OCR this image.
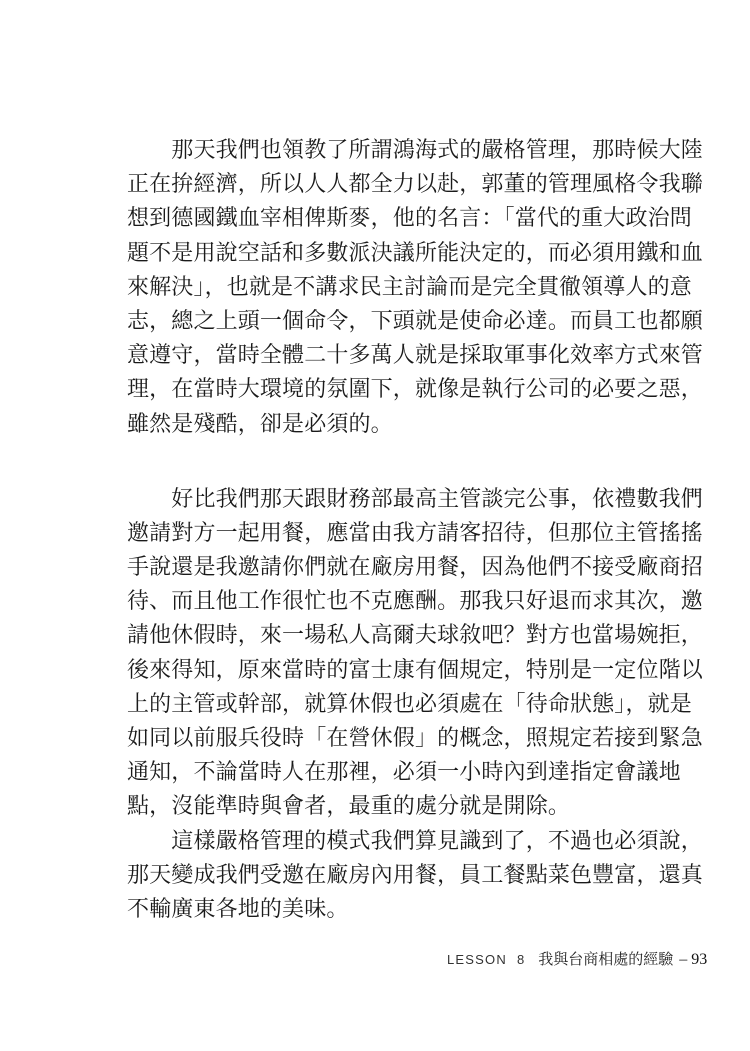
　　那天我們也領教了所謂鴻海式的嚴格管理，那時候大陸
正在拚經濟，所以人人都全力以赴，郭董的管理風格令我聯
想到德國鐵血宰相俾斯麥，他的名言：「當代的重大政治問
題不是用說空話和多數派決議所能決定的，而必須用鐵和血
來解決」，也就是不講求民主討論而是完全貫徹領導人的意
志，總之上頭一個命令，下頭就是使命必達。而員工也都願
意遵守，當時全體二十多萬人就是採取軍事化效率方式來管
理，在當時大環境的氛圍下，就像是執行公司的必要之惡，
雖然是殘酷，卻是必須的。
　　好比我們那天跟財務部最高主管談完公事，依禮數我們
邀請對方一起用餐，應當由我方請客招待，但那位主管搖搖
手說還是我邀請你們就在廠房用餐，因為他們不接受廠商招
待、而且他工作很忙也不克應酬。那我只好退而求其次，邀
請他休假時，來一場私人高爾夫球敘吧？對方也當場婉拒，
後來得知，原來當時的富士康有個規定，特別是一定位階以
上的主管或幹部，就算休假也必須處在「待命狀態」，就是
如同以前服兵役時「在營休假」的概念，照規定若接到緊急
通知，不論當時人在那裡，必須一小時內到達指定會議地
點，沒能準時與會者，最重的處分就是開除。
　　這樣嚴格管理的模式我們算見識到了，不過也必須說，
那天變成我們受邀在廠房內用餐，員工餐點菜色豐富，還真
不輸廣東各地的美味。
LESSON 8 我與台商相處的經驗 – 93
